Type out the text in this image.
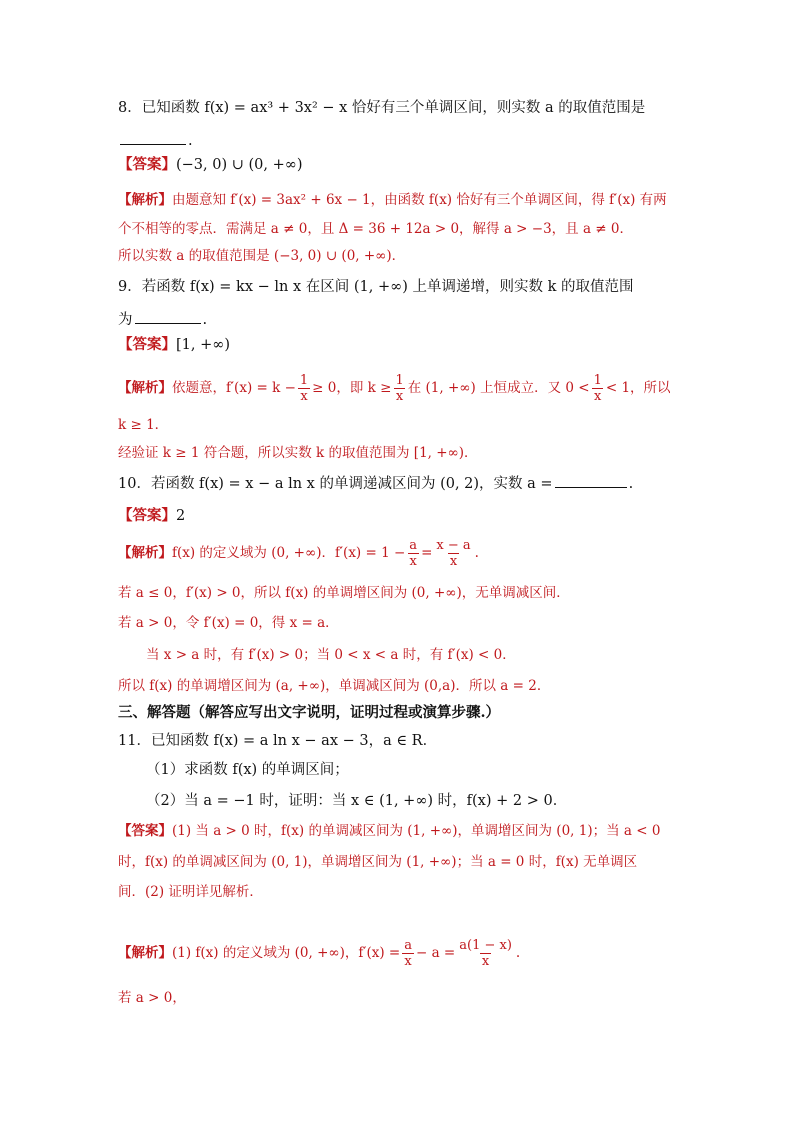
8．已知函数 f(x) = ax³ + 3x² − x 恰好有三个单调区间，则实数 a 的取值范围是
.
【答案】(−3, 0) ∪ (0, +∞)
【解析】由题意知 f′(x) = 3ax² + 6x − 1，由函数 f(x) 恰好有三个单调区间，得 f′(x) 有两
个不相等的零点．需满足 a ≠ 0，且 Δ = 36 + 12a > 0，解得 a > −3，且 a ≠ 0．
所以实数 a 的取值范围是 (−3, 0) ∪ (0, +∞)．
9．若函数 f(x) = kx − ln x 在区间 (1, +∞) 上单调递增，则实数 k 的取值范围
为	.
【答案】[1, +∞)
【解析】依题意，$f'(x) = k - \frac{1}{x} \ge 0$，即 $k \ge \frac{1}{x}$ 在 (1, +∞) 上恒成立．又 $0 < \frac{1}{x} < 1$，所以
k ≥ 1．
经验证 k ≥ 1 符合题，所以实数 k 的取值范围为 [1, +∞)．
10．若函数 f(x) = x − a ln x 的单调递减区间为 (0, 2)，实数 a =	.
【答案】2
【解析】f(x) 的定义域为 (0, +∞)．$f'(x) = 1 - \frac{a}{x} = \frac{x - a}{x}$ .
若 a ≤ 0，f′(x) > 0，所以 f(x) 的单调增区间为 (0, +∞)，无单调减区间．
若 a > 0，令 f′(x) = 0，得 x = a．
当 x > a 时，有 f′(x) > 0；当 0 < x < a 时，有 f′(x) < 0．
所以 f(x) 的单调增区间为 (a, +∞)，单调减区间为 (0,a)．所以 a = 2．
三、解答题（解答应写出文字说明，证明过程或演算步骤.）
11．已知函数 f(x) = a ln x − ax − 3，a ∈ R．
（1）求函数 f(x) 的单调区间；
（2）当 a = −1 时，证明：当 x ∈ (1, +∞) 时，f(x) + 2 > 0．
【答案】(1) 当 a > 0 时，f(x) 的单调减区间为 (1, +∞)，单调增区间为 (0, 1)；当 a < 0
时，f(x) 的单调减区间为 (0, 1)，单调增区间为 (1, +∞)；当 a = 0 时，f(x) 无单调区
间．(2) 证明详见解析．
【解析】(1) f(x) 的定义域为 (0, +∞)，$f'(x) = \frac{a}{x} - a = \frac{a(1 - x)}{x}$ .
若 a > 0，
